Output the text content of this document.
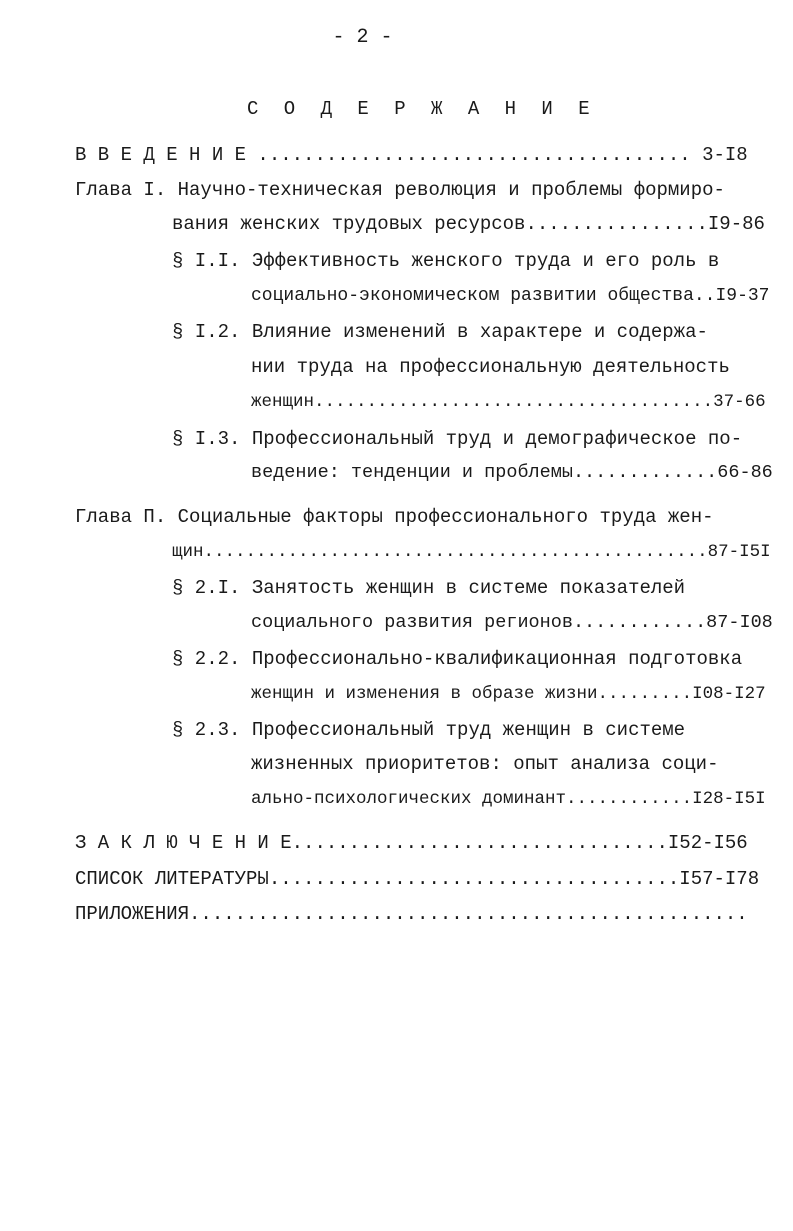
- 2 -
С О Д Е Р Ж А Н И Е
В В Е Д Е Н И Е ...................................... 3-I8
Глава I. Научно-техническая революция и проблемы формиро-
вания женских трудовых ресурсов................I9-86
§ I.I. Эффективность женского труда и его роль в
социально-экономическом развитии общества..I9-37
§ I.2. Влияние изменений в характере и содержа-
нии труда на профессиональную деятельность
женщин......................................37-66
§ I.3. Профессиональный труд и демографическое по-
ведение: тенденции и проблемы.............66-86
Глава П. Социальные факторы профессионального труда жен-
щин................................................87-I5I
§ 2.I. Занятость женщин в системе показателей
социального развития регионов............87-I08
§ 2.2. Профессионально-квалификационная подготовка
женщин и изменения в образе жизни.........I08-I27
§ 2.3. Профессиональный труд женщин в системе
жизненных приоритетов: опыт анализа соци-
ально-психологических доминант............I28-I5I
З А К Л Ю Ч Е Н И Е.................................I52-I56
СПИСОК ЛИТЕРАТУРЫ....................................I57-I78
ПРИЛОЖЕНИЯ.................................................
